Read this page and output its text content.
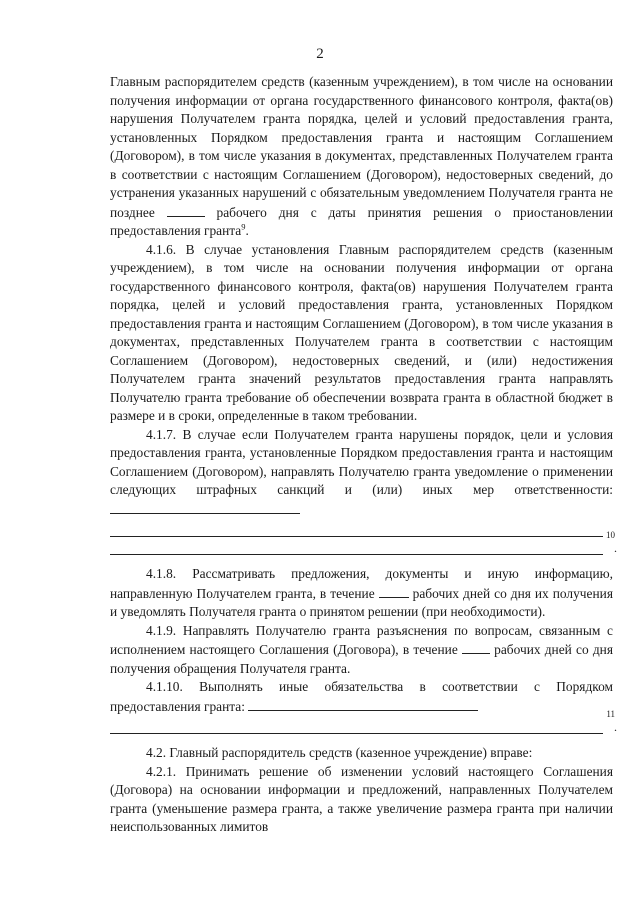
2

Главным распорядителем средств (казенным учреждением), в том числе на основании получения информации от органа государственного финансового контроля, факта(ов) нарушения Получателем гранта порядка, целей и условий предоставления гранта, установленных Порядком предоставления гранта и настоящим Соглашением (Договором), в том числе указания в документах, представленных Получателем гранта в соответствии с настоящим Соглашением (Договором), недостоверных сведений, до устранения указанных нарушений с обязательным уведомлением Получателя гранта не позднее	рабочего дня с даты принятия решения о приостановлении предоставления гранта$^9$.

4.1.6. В случае установления Главным распорядителем средств (казенным учреждением), в том числе на основании получения информации от органа государственного финансового контроля, факта(ов) нарушения Получателем гранта порядка, целей и условий предоставления гранта, установленных Порядком предоставления гранта и настоящим Соглашением (Договором), в том числе указания в документах, представленных Получателем гранта в соответствии с настоящим Соглашением (Договором), недостоверных сведений, и (или) недостижения Получателем гранта значений результатов предоставления гранта направлять Получателю гранта требование об обеспечении возврата гранта в областной бюджет в размере и в сроки, определенные в таком требовании.

4.1.7. В случае если Получателем гранта нарушены порядок, цели и условия предоставления гранта, установленные Порядком предоставления гранта и настоящим Соглашением (Договором), направлять Получателю гранта уведомление о применении следующих штрафных санкций и (или) иных мер ответственности:

10
.

4.1.8. Рассматривать предложения, документы и иную информацию, направленную Получателем гранта, в течение	рабочих дней со дня их получения и уведомлять Получателя гранта о принятом решении (при необходимости).

4.1.9. Направлять Получателю гранта разъяснения по вопросам, связанным с исполнением настоящего Соглашения (Договора), в течение	рабочих дней со дня получения обращения Получателя гранта.

4.1.10. Выполнять иные обязательства в соответствии с Порядком предоставления гранта:

11
.

4.2. Главный распорядитель средств (казенное учреждение) вправе:

4.2.1. Принимать решение об изменении условий настоящего Соглашения (Договора) на основании информации и предложений, направленных Получателем гранта (уменьшение размера гранта, а также увеличение размера гранта при наличии неиспользованных лимитов
